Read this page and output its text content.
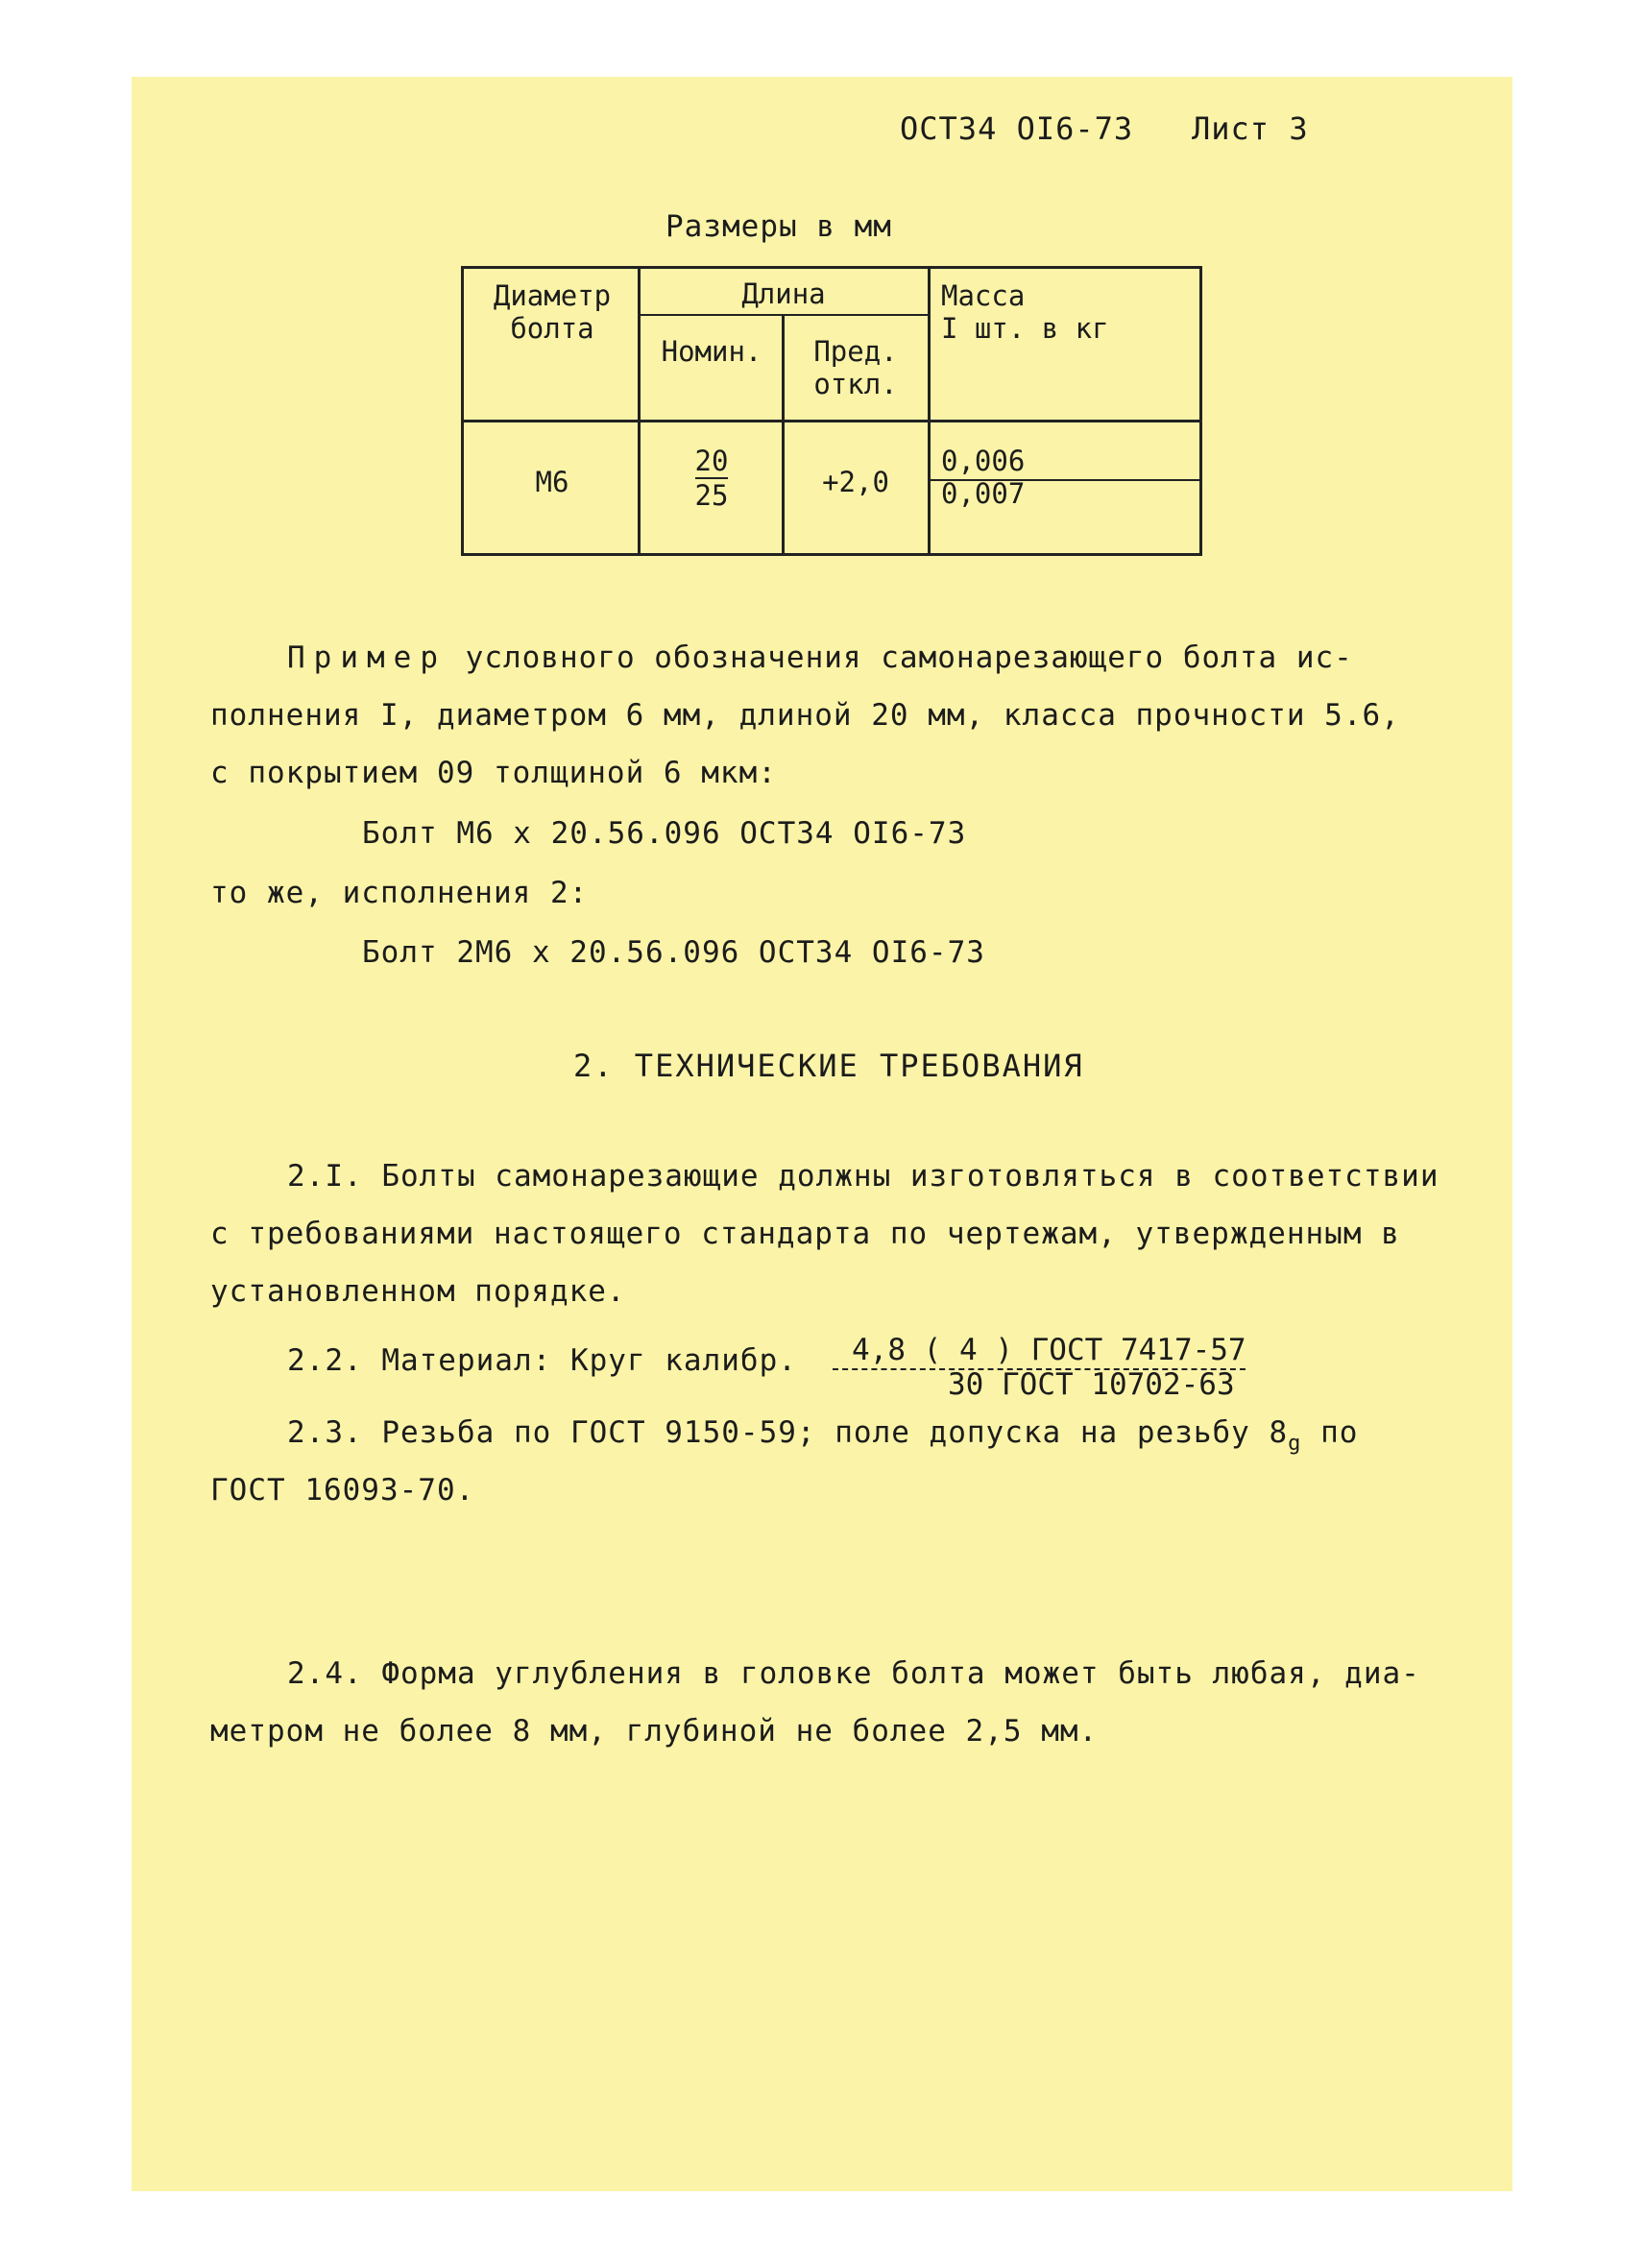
ОСТ34 ОІ6-73 Лист 3
Размеры в мм
Диаметр
болта
Длина
Номин.	Пред.
откл.
Масса
I шт. в кг
М6
20
25	+2,0
0,006
0,007
Пример условного обозначения самонарезающего болта ис-
полнения I, диаметром 6 мм, длиной 20 мм, класса прочности 5.6,
с покрытием 09 толщиной 6 мкм:
Болт М6 х 20.56.096 ОСТ34 ОІ6-73
то же, исполнения 2:
Болт 2М6 х 20.56.096 ОСТ34 ОІ6-73
2. ТЕХНИЧЕСКИЕ ТРЕБОВАНИЯ
2.I. Болты самонарезающие должны изготовляться в соответствии
с требованиями настоящего стандарта по чертежам, утвержденным в
установленном порядке.
2.2. Материал: Круг калибр. 4,8 ( 4 ) ГОСТ 7417-57
30 ГОСТ 10702-63
2.3. Резьба по ГОСТ 9150-59; поле допуска на резьбу $8_g$ по
ГОСТ 16093-70.
2.4. Форма углубления в головке болта может быть любая, диа-
метром не более 8 мм, глубиной не более 2,5 мм.
